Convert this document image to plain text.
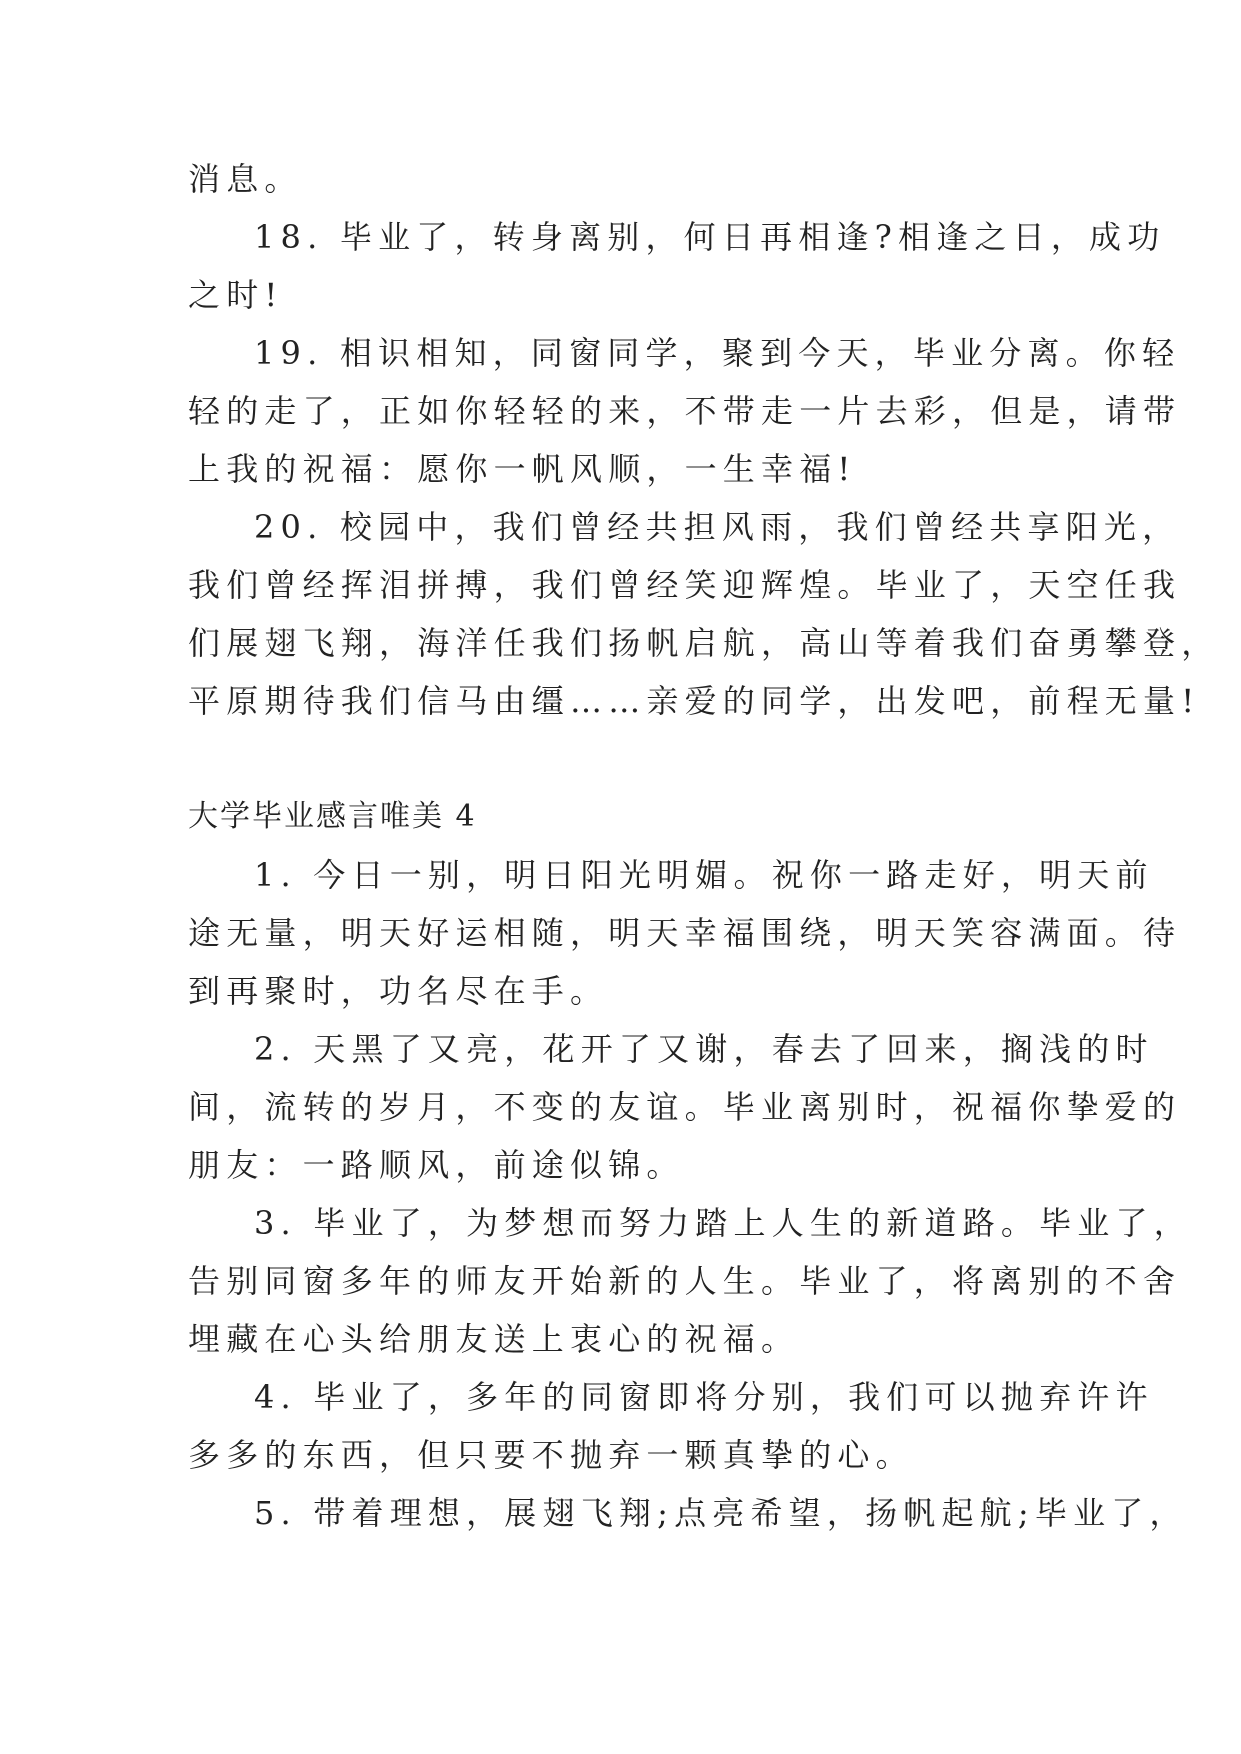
消息。
18. 毕业了，转身离别，何日再相逢?相逢之日，成功
之时!
19. 相识相知，同窗同学，聚到今天，毕业分离。你轻
轻的走了，正如你轻轻的来，不带走一片去彩，但是，请带
上我的祝福：愿你一帆风顺，一生幸福!
20. 校园中，我们曾经共担风雨，我们曾经共享阳光，
我们曾经挥泪拼搏，我们曾经笑迎辉煌。毕业了，天空任我
们展翅飞翔，海洋任我们扬帆启航，高山等着我们奋勇攀登，
平原期待我们信马由缰……亲爱的同学，出发吧，前程无量!
大学毕业感言唯美 4
1. 今日一别，明日阳光明媚。祝你一路走好，明天前
途无量，明天好运相随，明天幸福围绕，明天笑容满面。待
到再聚时，功名尽在手。
2. 天黑了又亮，花开了又谢，春去了回来，搁浅的时
间，流转的岁月，不变的友谊。毕业离别时，祝福你挚爱的
朋友：一路顺风，前途似锦。
3. 毕业了，为梦想而努力踏上人生的新道路。毕业了，
告别同窗多年的师友开始新的人生。毕业了，将离别的不舍
埋藏在心头给朋友送上衷心的祝福。
4. 毕业了，多年的同窗即将分别，我们可以抛弃许许
多多的东西，但只要不抛弃一颗真挚的心。
5. 带着理想，展翅飞翔;点亮希望，扬帆起航;毕业了，
